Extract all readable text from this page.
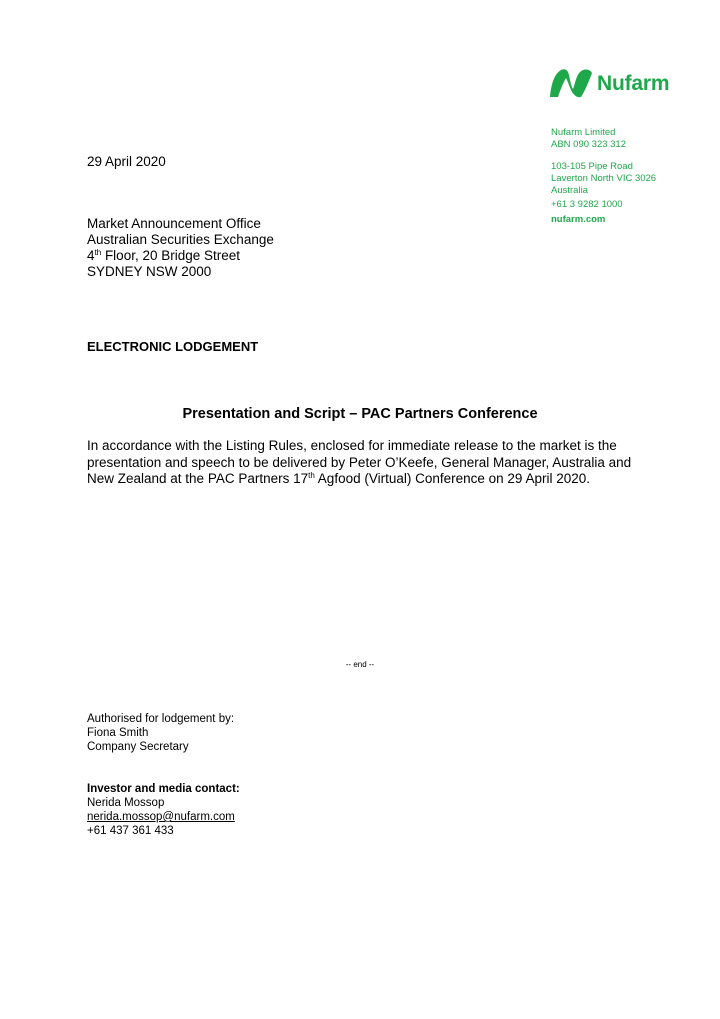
Nufarm
Nufarm Limited
ABN 090 323 312
103-105 Pipe Road
Laverton North VIC 3026
Australia
+61 3 9282 1000
nufarm.com
29 April 2020
Market Announcement Office
Australian Securities Exchange
4th Floor, 20 Bridge Street
SYDNEY NSW 2000
ELECTRONIC LODGEMENT
Presentation and Script – PAC Partners Conference
In accordance with the Listing Rules, enclosed for immediate release to the market is the
presentation and speech to be delivered by Peter O’Keefe, General Manager, Australia and
New Zealand at the PAC Partners 17th Agfood (Virtual) Conference on 29 April 2020.
-- end --
Authorised for lodgement by:
Fiona Smith
Company Secretary
Investor and media contact:
Nerida Mossop
nerida.mossop@nufarm.com
+61 437 361 433
